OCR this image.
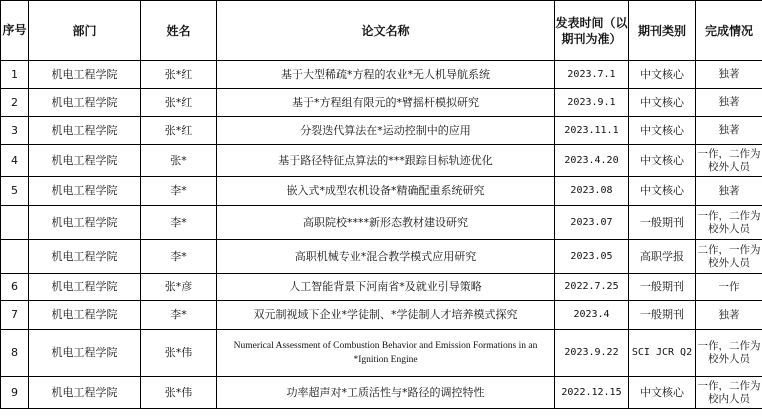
序号	部门	姓名	论文名称	发表时间（以期刊为准）	期刊类别	完成情况
1	机电工程学院	张*红	基于大型稀疏*方程的农业*无人机导航系统	2023.7.1	中文核心	独著
2	机电工程学院	张*红	基于*方程组有限元的*臂摇杆模拟研究	2023.9.1	中文核心	独著
3	机电工程学院	张*红	分裂迭代算法在*运动控制中的应用	2023.11.1	中文核心	独著
4	机电工程学院	张*	基于路径特征点算法的***跟踪目标轨迹优化	2023.4.20	中文核心	一作，二作为校外人员
5	机电工程学院	李*	嵌入式*成型农机设备*精确配重系统研究	2023.08	中文核心	独著
	机电工程学院	李*	高职院校****新形态教材建设研究	2023.07	一般期刊	一作，二作为校外人员
	机电工程学院	李*	高职机械专业*混合教学模式应用研究	2023.05	高职学报	二作，一作为校外人员
6	机电工程学院	张*彦	人工智能背景下河南省*及就业引导策略	2022.7.25	一般期刊	一作
7	机电工程学院	李*	双元制视域下企业*学徒制、*学徒制人才培养模式探究	2023.4	一般期刊	独著
8	机电工程学院	张*伟	Numerical Assessment of Combustion Behavior and Emission Formations in an *Ignition Engine	2023.9.22	SCI JCR Q2	一作，二作为校外人员
9	机电工程学院	张*伟	功率超声对*工质活性与*路径的调控特性	2022.12.15	中文核心	一作，二作为校内人员
